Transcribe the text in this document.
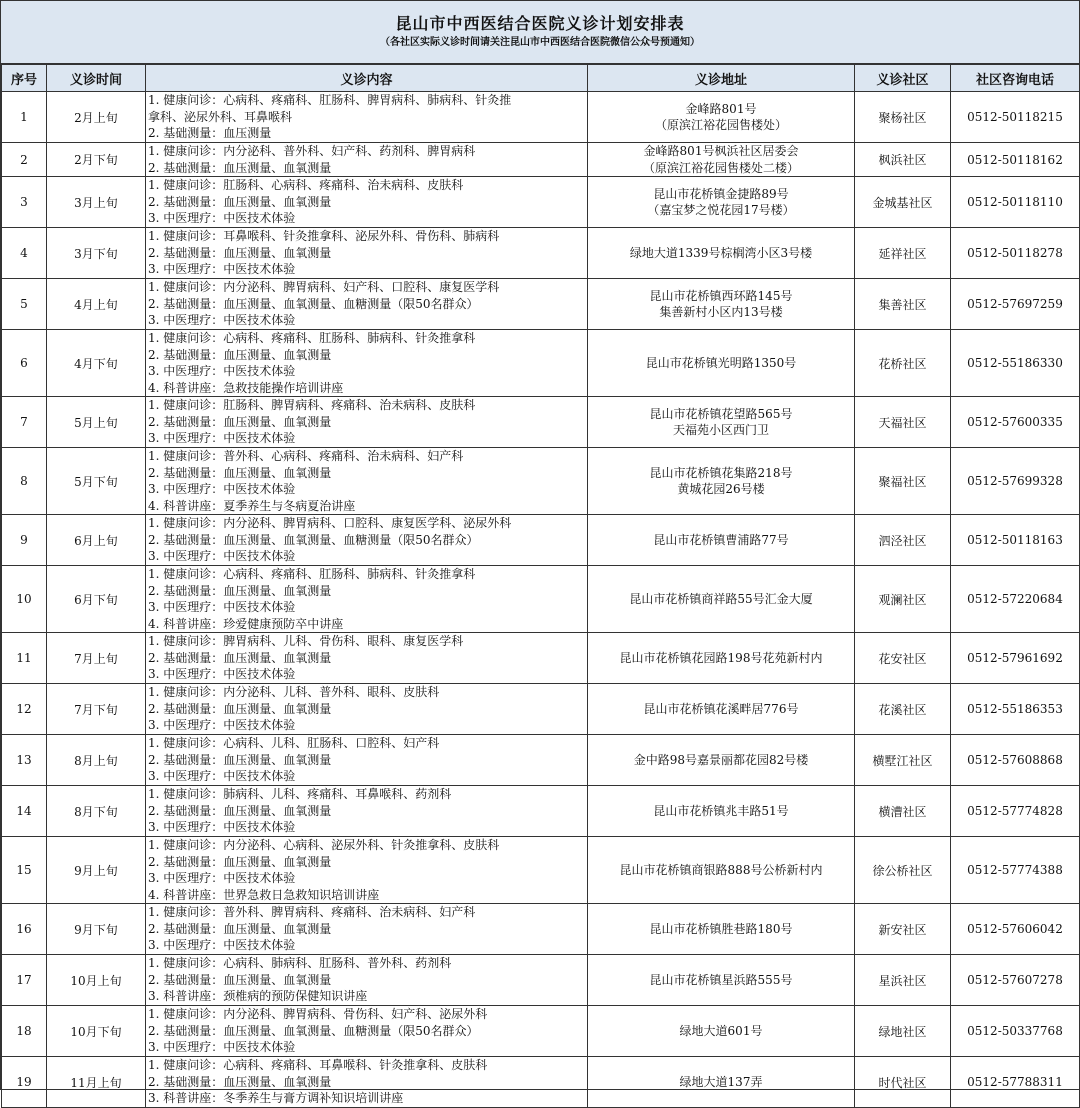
昆山市中西医结合医院义诊计划安排表
（各社区实际义诊时间请关注昆山市中西医结合医院微信公众号预通知）
序号	义诊时间	义诊内容	义诊地址	义诊社区	社区咨询电话
1	2月上旬	1. 健康问诊：心病科、疼痛科、肛肠科、脾胃病科、肺病科、针灸推
拿科、泌尿外科、耳鼻喉科
2. 基础测量：血压测量	金峰路801号
（原滨江裕花园售楼处）	聚杨社区	0512-50118215
2	2月下旬	1. 健康问诊：内分泌科、普外科、妇产科、药剂科、脾胃病科
2. 基础测量：血压测量、血氧测量	金峰路801号枫浜社区居委会
（原滨江裕花园售楼处二楼）	枫浜社区	0512-50118162
3	3月上旬	1. 健康问诊：肛肠科、心病科、疼痛科、治未病科、皮肤科
2. 基础测量：血压测量、血氧测量
3. 中医理疗：中医技术体验	昆山市花桥镇金捷路89号
（嘉宝梦之悦花园17号楼）	金城基社区	0512-50118110
4	3月下旬	1. 健康问诊：耳鼻喉科、针灸推拿科、泌尿外科、骨伤科、肺病科
2. 基础测量：血压测量、血氧测量
3. 中医理疗：中医技术体验	绿地大道1339号棕榈湾小区3号楼	延祥社区	0512-50118278
5	4月上旬	1. 健康问诊：内分泌科、脾胃病科、妇产科、口腔科、康复医学科
2. 基础测量：血压测量、血氧测量、血糖测量（限50名群众）
3. 中医理疗：中医技术体验	昆山市花桥镇西环路145号
集善新村小区内13号楼	集善社区	0512-57697259
6	4月下旬	1. 健康问诊：心病科、疼痛科、肛肠科、肺病科、针灸推拿科
2. 基础测量：血压测量、血氧测量
3. 中医理疗：中医技术体验
4. 科普讲座：急救技能操作培训讲座	昆山市花桥镇光明路1350号	花桥社区	0512-55186330
7	5月上旬	1. 健康问诊：肛肠科、脾胃病科、疼痛科、治未病科、皮肤科
2. 基础测量：血压测量、血氧测量
3. 中医理疗：中医技术体验	昆山市花桥镇花望路565号
天福苑小区西门卫	天福社区	0512-57600335
8	5月下旬	1. 健康问诊：普外科、心病科、疼痛科、治未病科、妇产科
2. 基础测量：血压测量、血氧测量
3. 中医理疗：中医技术体验
4. 科普讲座：夏季养生与冬病夏治讲座	昆山市花桥镇花集路218号
黄城花园26号楼	聚福社区	0512-57699328
9	6月上旬	1. 健康问诊：内分泌科、脾胃病科、口腔科、康复医学科、泌尿外科
2. 基础测量：血压测量、血氧测量、血糖测量（限50名群众）
3. 中医理疗：中医技术体验	昆山市花桥镇曹浦路77号	泗泾社区	0512-50118163
10	6月下旬	1. 健康问诊：心病科、疼痛科、肛肠科、肺病科、针灸推拿科
2. 基础测量：血压测量、血氧测量
3. 中医理疗：中医技术体验
4. 科普讲座：珍爱健康预防卒中讲座	昆山市花桥镇商祥路55号汇金大厦	观澜社区	0512-57220684
11	7月上旬	1. 健康问诊：脾胃病科、儿科、骨伤科、眼科、康复医学科
2. 基础测量：血压测量、血氧测量
3. 中医理疗：中医技术体验	昆山市花桥镇花园路198号花苑新村内	花安社区	0512-57961692
12	7月下旬	1. 健康问诊：内分泌科、儿科、普外科、眼科、皮肤科
2. 基础测量：血压测量、血氧测量
3. 中医理疗：中医技术体验	昆山市花桥镇花溪畔居776号	花溪社区	0512-55186353
13	8月上旬	1. 健康问诊：心病科、儿科、肛肠科、口腔科、妇产科
2. 基础测量：血压测量、血氧测量
3. 中医理疗：中医技术体验	金中路98号嘉景丽都花园82号楼	横墅江社区	0512-57608868
14	8月下旬	1. 健康问诊：肺病科、儿科、疼痛科、耳鼻喉科、药剂科
2. 基础测量：血压测量、血氧测量
3. 中医理疗：中医技术体验	昆山市花桥镇兆丰路51号	横漕社区	0512-57774828
15	9月上旬	1. 健康问诊：内分泌科、心病科、泌尿外科、针灸推拿科、皮肤科
2. 基础测量：血压测量、血氧测量
3. 中医理疗：中医技术体验
4. 科普讲座：世界急救日急救知识培训讲座	昆山市花桥镇商银路888号公桥新村内	徐公桥社区	0512-57774388
16	9月下旬	1. 健康问诊：普外科、脾胃病科、疼痛科、治未病科、妇产科
2. 基础测量：血压测量、血氧测量
3. 中医理疗：中医技术体验	昆山市花桥镇胜巷路180号	新安社区	0512-57606042
17	10月上旬	1. 健康问诊：心病科、肺病科、肛肠科、普外科、药剂科
2. 基础测量：血压测量、血氧测量
3. 科普讲座：颈椎病的预防保健知识讲座	昆山市花桥镇星浜路555号	星浜社区	0512-57607278
18	10月下旬	1. 健康问诊：内分泌科、脾胃病科、骨伤科、妇产科、泌尿外科
2. 基础测量：血压测量、血氧测量、血糖测量（限50名群众）
3. 中医理疗：中医技术体验	绿地大道601号	绿地社区	0512-50337768
19	11月上旬	1. 健康问诊：心病科、疼痛科、耳鼻喉科、针灸推拿科、皮肤科
2. 基础测量：血压测量、血氧测量
3. 科普讲座：冬季养生与膏方调补知识培训讲座	绿地大道137弄	时代社区	0512-57788311
